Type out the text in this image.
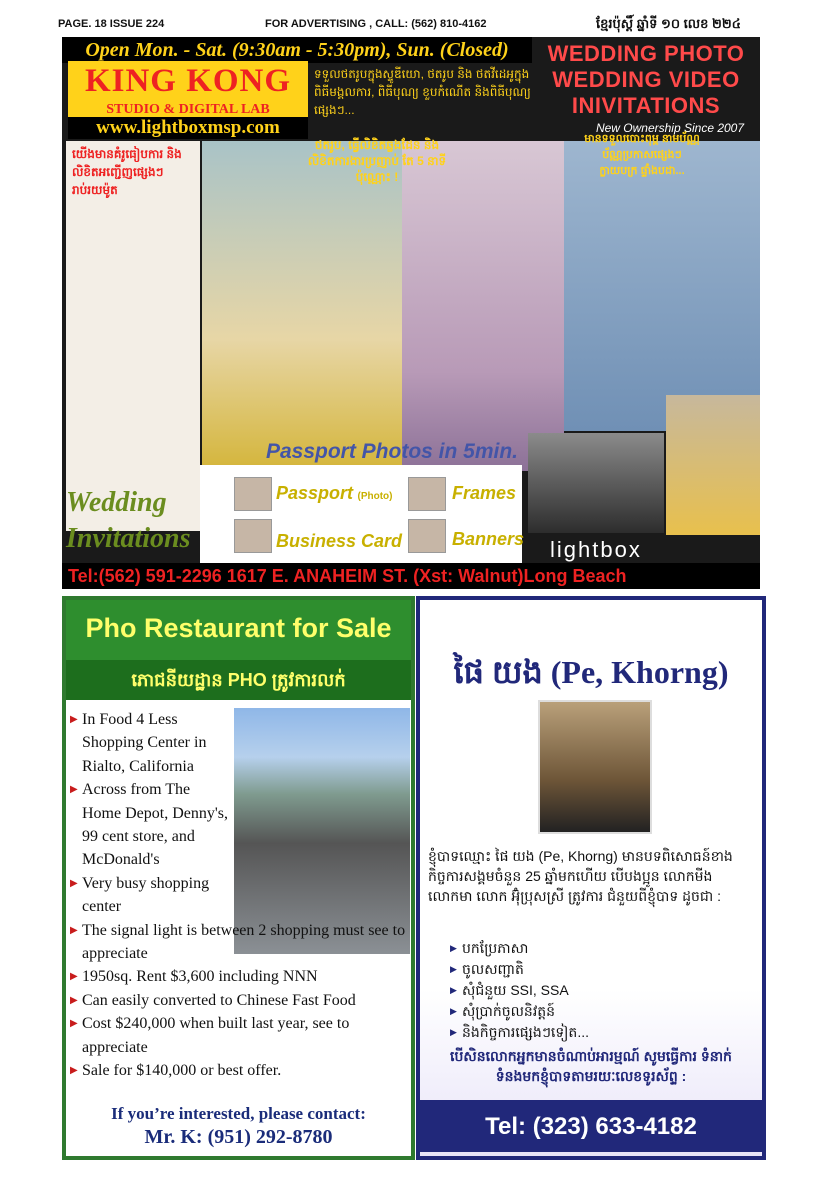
PAGE. 18 ISSUE 224	FOR ADVERTISING , CALL: (562) 810-4162	ខ្មែរប៉ុស្ដិ៍ ឆ្នាំទី ១០ លេខ ២២៤
Open Mon. - Sat. (9:30am - 5:30pm), Sun. (Closed)
KING KONG
STUDIO & DIGITAL LAB
www.lightboxmsp.com
ទទួលថតរូបក្នុងស្ទូឌីយោ, ថតរូប និង ថតវីដេអូក្នុងពិធីមង្គលការ, ពិធីបុណ្យ ខួបកំណើត និងពិធីបុណ្យផ្សេងៗ...
WEDDING PHOTO
WEDDING VIDEO
INIVITATIONS
New Ownership Since 2007
យើងមានគំរូធៀបការ និងលិខិតអញ្ជើញផ្សេងៗ រាប់រយម៉ូត
ថតរូប, ធ្វើលិខិតឆ្លងដែន និងលិខិតការងារប្រញាប់ តែ 5 នាទីប៉ុណ្ណោះ !
មានទទួលបោះពុម្ព នាមប័ណ្ណ ប័ណ្ណប្រកាសផ្សេងៗ ក្លាយបក្រ ផ្ទាំងបដា...
Passport Photos in 5min.
Wedding
Invitations
Passport (Photo)	Frames
Business Card	Banners lightbox
Tel:(562) 591-2296 1617 E. ANAHEIM ST. (Xst: Walnut)Long Beach
Pho Restaurant for Sale
ភោជនីយដ្ឋាន PHO ត្រូវការលក់
▶ In Food 4 Less Shopping Center in Rialto, California
▶ Across from The Home Depot, Denny's, 99 cent store, and McDonald's
▶ Very busy shopping center
▶ The signal light is between 2 shopping must see to appreciate
▶ 1950sq. Rent $3,600 including NNN
▶ Can easily converted to Chinese Fast Food
▶ Cost $240,000 when built last year, see to appreciate
▶ Sale for $140,000 or best offer.
If you’re interested, please contact:
Mr. K: (951) 292-8780
ផៃ យង (Pe, Khorng)
ខ្ញុំបាទឈ្មោះ ផៃ យង (Pe, Khorng) មានបទពិសោធន៍ខាងកិច្ចការសង្គមចំនួន 25 ឆ្នាំមកហើយ បើបងប្អូន លោកមីង លោកមា លោក អ៊ុំប្រុសស្រី ត្រូវការ ជំនួយពីខ្ញុំបាទ ដូចជា :
▶ បកប្រែភាសា
▶ ចូលសញ្ជាតិ
▶ សុំជំនួយ SSI, SSA
▶ សុំប្រាក់ចូលនិវត្តន៍
▶ និងកិច្ចការផ្សេងៗទៀត...
បើសិនលោកអ្នកមានចំណាប់អារម្មណ៍ សូមធ្វើការ ទំនាក់ទំនងមកខ្ញុំបាទតាមរយៈលេខទូរស័ព្ទ :
Tel: (323) 633-4182
